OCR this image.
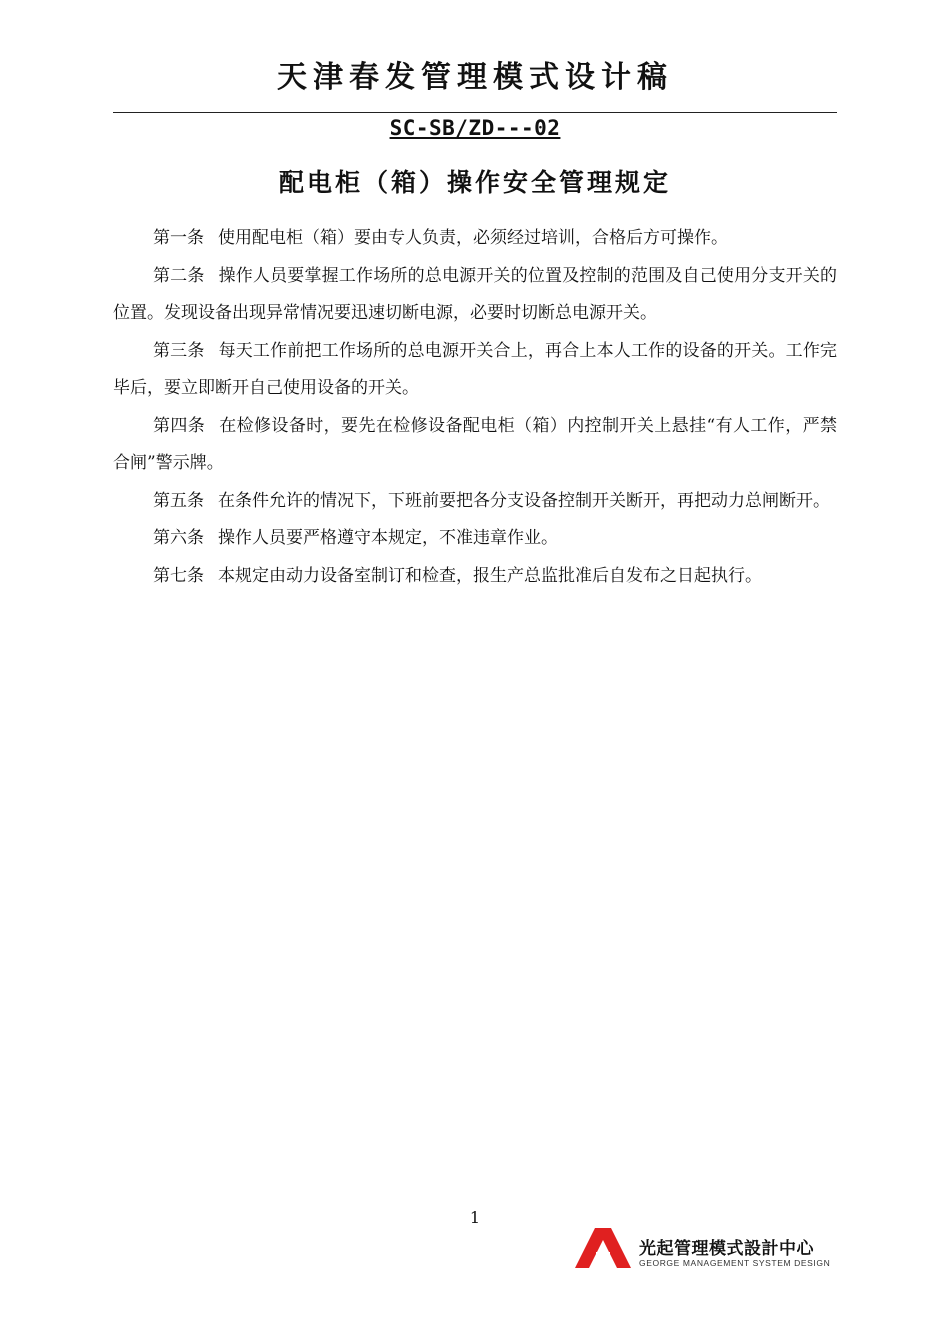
天津春发管理模式设计稿
SC-SB/ZD---02
配电柜（箱）操作安全管理规定

第一条 使用配电柜（箱）要由专人负责，必须经过培训，合格后方可操作。

第二条 操作人员要掌握工作场所的总电源开关的位置及控制的范围及自己使用分支开关的位置。发现设备出现异常情况要迅速切断电源，必要时切断总电源开关。

第三条 每天工作前把工作场所的总电源开关合上，再合上本人工作的设备的开关。工作完毕后，要立即断开自己使用设备的开关。

第四条 在检修设备时，要先在检修设备配电柜（箱）内控制开关上悬挂“有人工作，严禁合闸”警示牌。

第五条 在条件允许的情况下，下班前要把各分支设备控制开关断开，再把动力总闸断开。

第六条 操作人员要严格遵守本规定，不准违章作业。

第七条 本规定由动力设备室制订和检查，报生产总监批准后自发布之日起执行。

1
光起管理模式設計中心
GEORGE MANAGEMENT SYSTEM DESIGN
